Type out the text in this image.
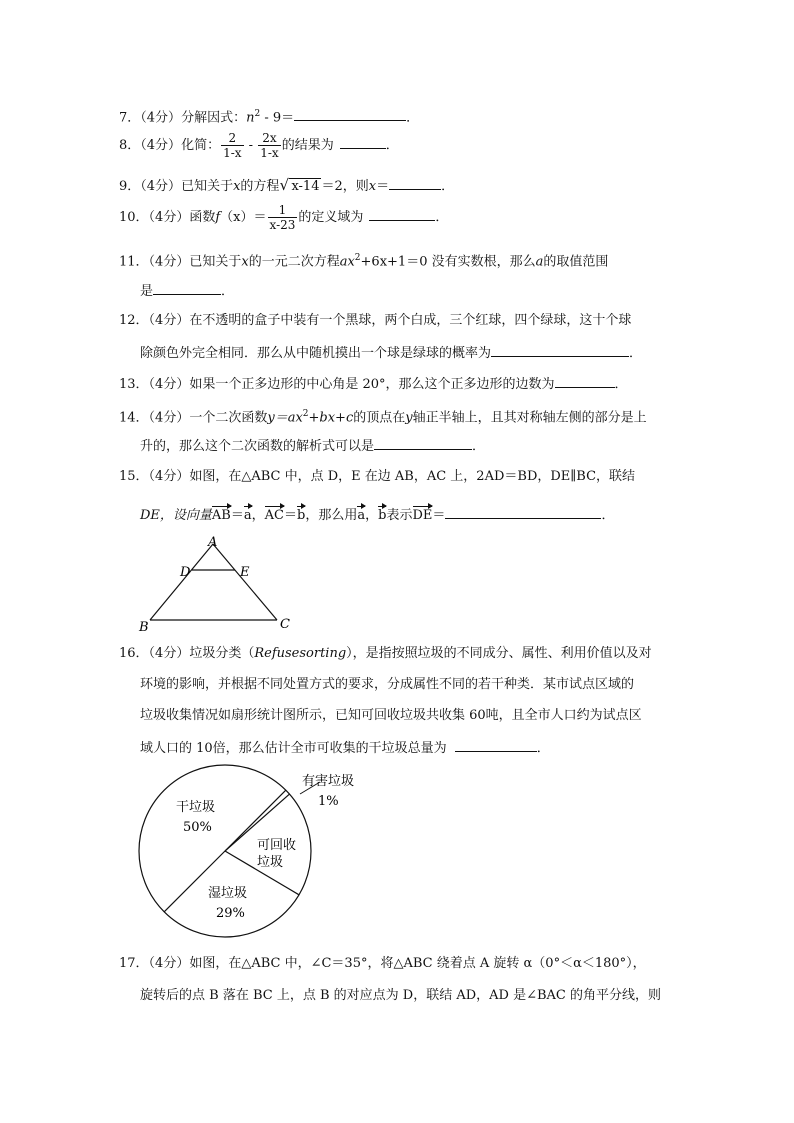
7．（4分）分解因式：$n^2 - 9=$	．
8．（4分）化简： $\frac{2}{1-x} - \frac{2x}{1-x}$ 的结果为	．
9．（4分）已知关于x的方程 √ x-14 ＝2，则x＝	．
10．（4分）函数$f(x)= \frac{1}{x-23}$ 的定义域为	．
11．（4分）已知关于x的一元二次方程$ax^2+6x+1=0$ 没有实数根，那么a的取值范围
是	．
12．（4分）在不透明的盒子中装有一个黑球，两个白成，三个红球，四个绿球，这十个球
除颜色外完全相同．那么从中随机摸出一个球是绿球的概率为	．
13．（4分）如果一个正多边形的中心角是 20°，那么这个正多边形的边数为	．
14．（4分）一个二次函数$y=ax^2+bx+c$的顶点在y轴正半轴上，且其对称轴左侧的部分是上
升的，那么这个二次函数的解析式可以是	．
15．（4分）如图，在△ABC 中，点 D，E 在边 AB，AC 上，2AD＝BD，DE∥BC，联结
DE，设向量AB＝a，AC＝b，那么用a，b表示DE＝	．
A
D	E
B	C
16．（4分）垃圾分类（Refusesorting），是指按照垃圾的不同成分、属性、利用价值以及对
环境的影响，并根据不同处置方式的要求，分成属性不同的若干种类．某市试点区域的
垃圾收集情况如扇形统计图所示，已知可回收垃圾共收集 60吨，且全市人口约为试点区
域人口的 10倍，那么估计全市可收集的干垃圾总量为	．
干垃圾
50%
可回收
垃圾
湿垃圾
29%
有害垃圾
1%
17．（4分）如图，在△ABC 中，∠C＝35°，将△ABC 绕着点 A 旋转 α（0°＜α＜180°），
旋转后的点 B 落在 BC 上，点 B 的对应点为 D，联结 AD，AD 是∠BAC 的角平分线，则
